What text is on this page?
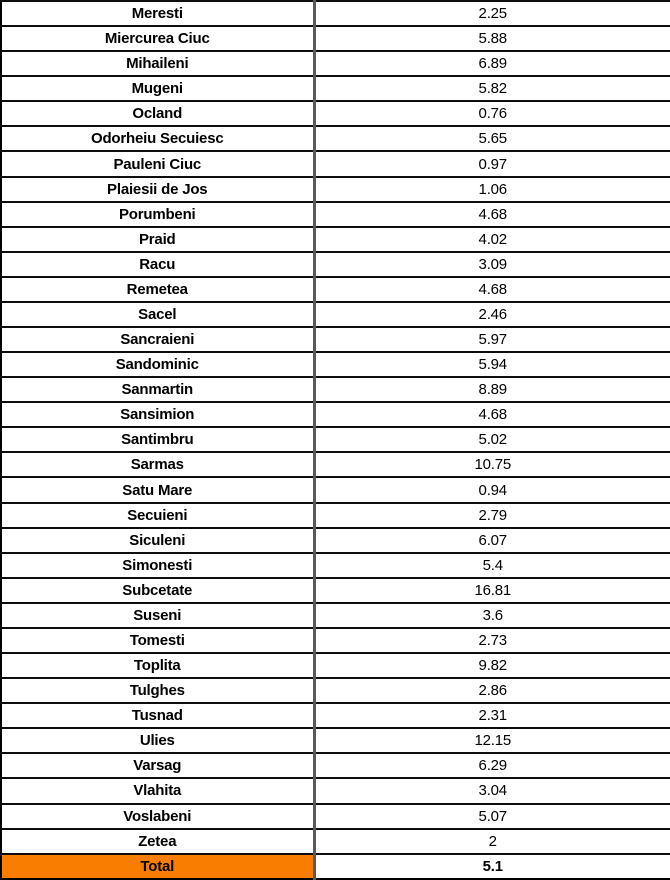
Meresti	2.25
Miercurea Ciuc	5.88
Mihaileni	6.89
Mugeni	5.82
Ocland	0.76
Odorheiu Secuiesc	5.65
Pauleni Ciuc	0.97
Plaiesii de Jos	1.06
Porumbeni	4.68
Praid	4.02
Racu	3.09
Remetea	4.68
Sacel	2.46
Sancraieni	5.97
Sandominic	5.94
Sanmartin	8.89
Sansimion	4.68
Santimbru	5.02
Sarmas	10.75
Satu Mare	0.94
Secuieni	2.79
Siculeni	6.07
Simonesti	5.4
Subcetate	16.81
Suseni	3.6
Tomesti	2.73
Toplita	9.82
Tulghes	2.86
Tusnad	2.31
Ulies	12.15
Varsag	6.29
Vlahita	3.04
Voslabeni	5.07
Zetea	2
Total	5.1
